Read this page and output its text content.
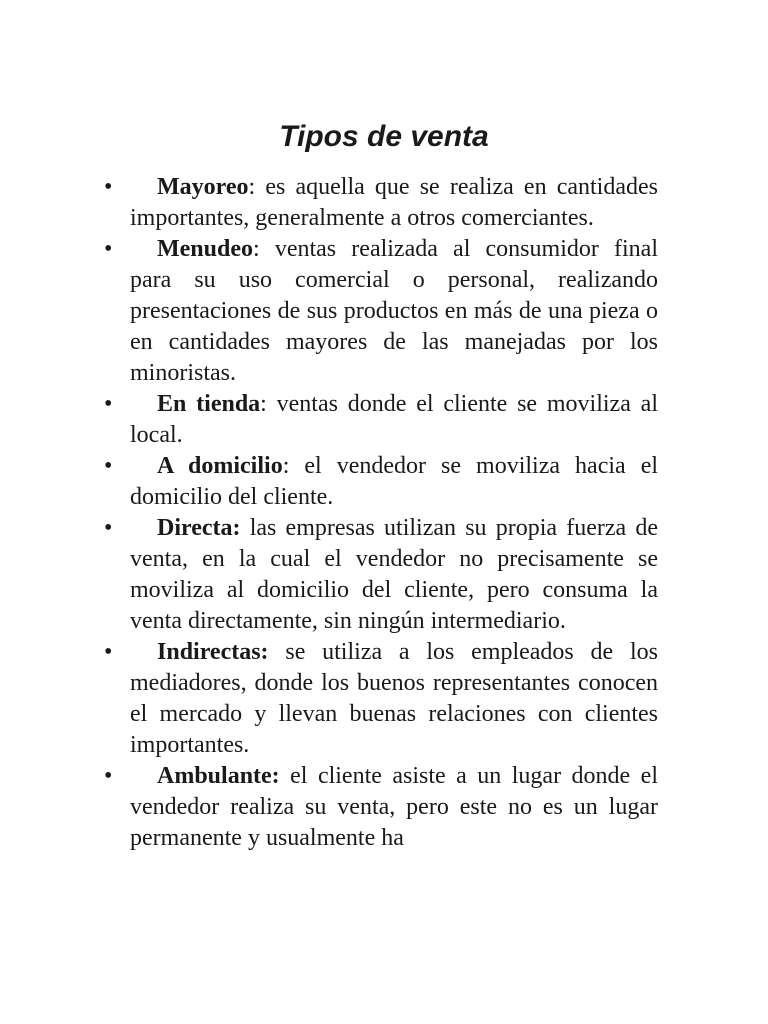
Tipos de venta
• Mayoreo: es aquella que se realiza en cantidades importantes, generalmente a otros comerciantes.
• Menudeo: ventas realizada al consumidor final para su uso comercial o personal, realizando presentaciones de sus productos en más de una pieza o en cantidades mayores de las manejadas por los minoristas.
• En tienda: ventas donde el cliente se moviliza al local.
• A domicilio: el vendedor se moviliza hacia el domicilio del cliente.
• Directa: las empresas utilizan su propia fuerza de venta, en la cual el vendedor no precisamente se moviliza al domicilio del cliente, pero consuma la venta directamente, sin ningún intermediario.
• Indirectas: se utiliza a los empleados de los mediadores, donde los buenos representantes conocen el mercado y llevan buenas relaciones con clientes importantes.
• Ambulante: el cliente asiste a un lugar donde el vendedor realiza su venta, pero este no es un lugar permanente y usualmente ha
